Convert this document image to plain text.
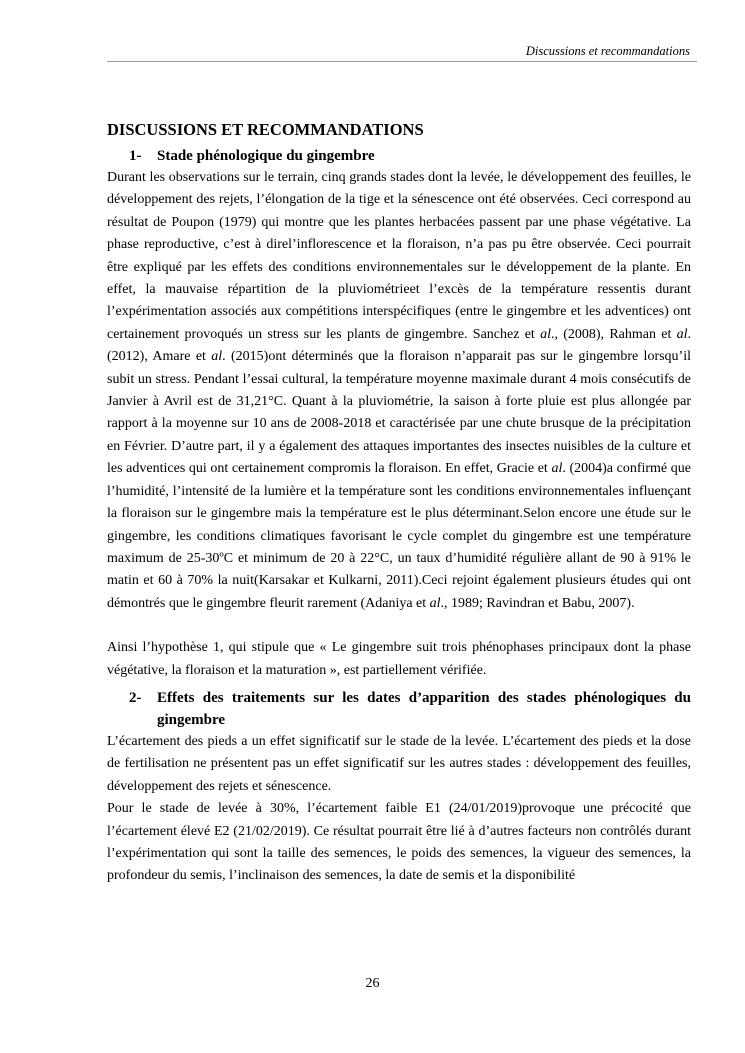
Discussions et recommandations
DISCUSSIONS ET RECOMMANDATIONS
1-	Stade phénologique du gingembre

Durant les observations sur le terrain, cinq grands stades dont la levée, le développement des feuilles, le développement des rejets, l’élongation de la tige et la sénescence ont été observées. Ceci correspond au résultat de Poupon (1979) qui montre que les plantes herbacées passent par une phase végétative. La phase reproductive, c’est à direl’inflorescence et la floraison, n’a pas pu être observée. Ceci pourrait être expliqué par les effets des conditions environnementales sur le développement de la plante. En effet, la mauvaise répartition de la pluviométrieet l’excès de la température ressentis durant l’expérimentation associés aux compétitions interspécifiques (entre le gingembre et les adventices) ont certainement provoqués un stress sur les plants de gingembre. Sanchez et al., (2008), Rahman et al. (2012), Amare et al. (2015)ont déterminés que la floraison n’apparait pas sur le gingembre lorsqu’il subit un stress. Pendant l’essai cultural, la température moyenne maximale durant 4 mois consécutifs de Janvier à Avril est de 31,21°C. Quant à la pluviométrie, la saison à forte pluie est plus allongée par rapport à la moyenne sur 10 ans de 2008-2018 et caractérisée par une chute brusque de la précipitation en Février. D’autre part, il y a également des attaques importantes des insectes nuisibles de la culture et les adventices qui ont certainement compromis la floraison. En effet, Gracie et al. (2004)a confirmé que l’humidité, l’intensité de la lumière et la température sont les conditions environnementales influençant la floraison sur le gingembre mais la température est le plus déterminant.Selon encore une étude sur le gingembre, les conditions climatiques favorisant le cycle complet du gingembre est une température maximum de 25-30ºC et minimum de 20 à 22°C, un taux d’humidité régulière allant de 90 à 91% le matin et 60 à 70% la nuit(Karsakar et Kulkarni, 2011).Ceci rejoint également plusieurs études qui ont démontrés que le gingembre fleurit rarement (Adaniya et al., 1989; Ravindran et Babu, 2007).

Ainsi l’hypothèse 1, qui stipule que « Le gingembre suit trois phénophases principaux dont la phase végétative, la floraison et la maturation », est partiellement vérifiée.

2-	Effets des traitements sur les dates d’apparition des stades phénologiques du gingembre

L’écartement des pieds a un effet significatif sur le stade de la levée. L’écartement des pieds et la dose de fertilisation ne présentent pas un effet significatif sur les autres stades : développement des feuilles, développement des rejets et sénescence.

Pour le stade de levée à 30%, l’écartement faible E1 (24/01/2019)provoque une précocité que l’écartement élevé E2 (21/02/2019). Ce résultat pourrait être lié à d’autres facteurs non contrôlés durant l’expérimentation qui sont la taille des semences, le poids des semences, la vigueur des semences, la profondeur du semis, l’inclinaison des semences, la date de semis et la disponibilité

26
